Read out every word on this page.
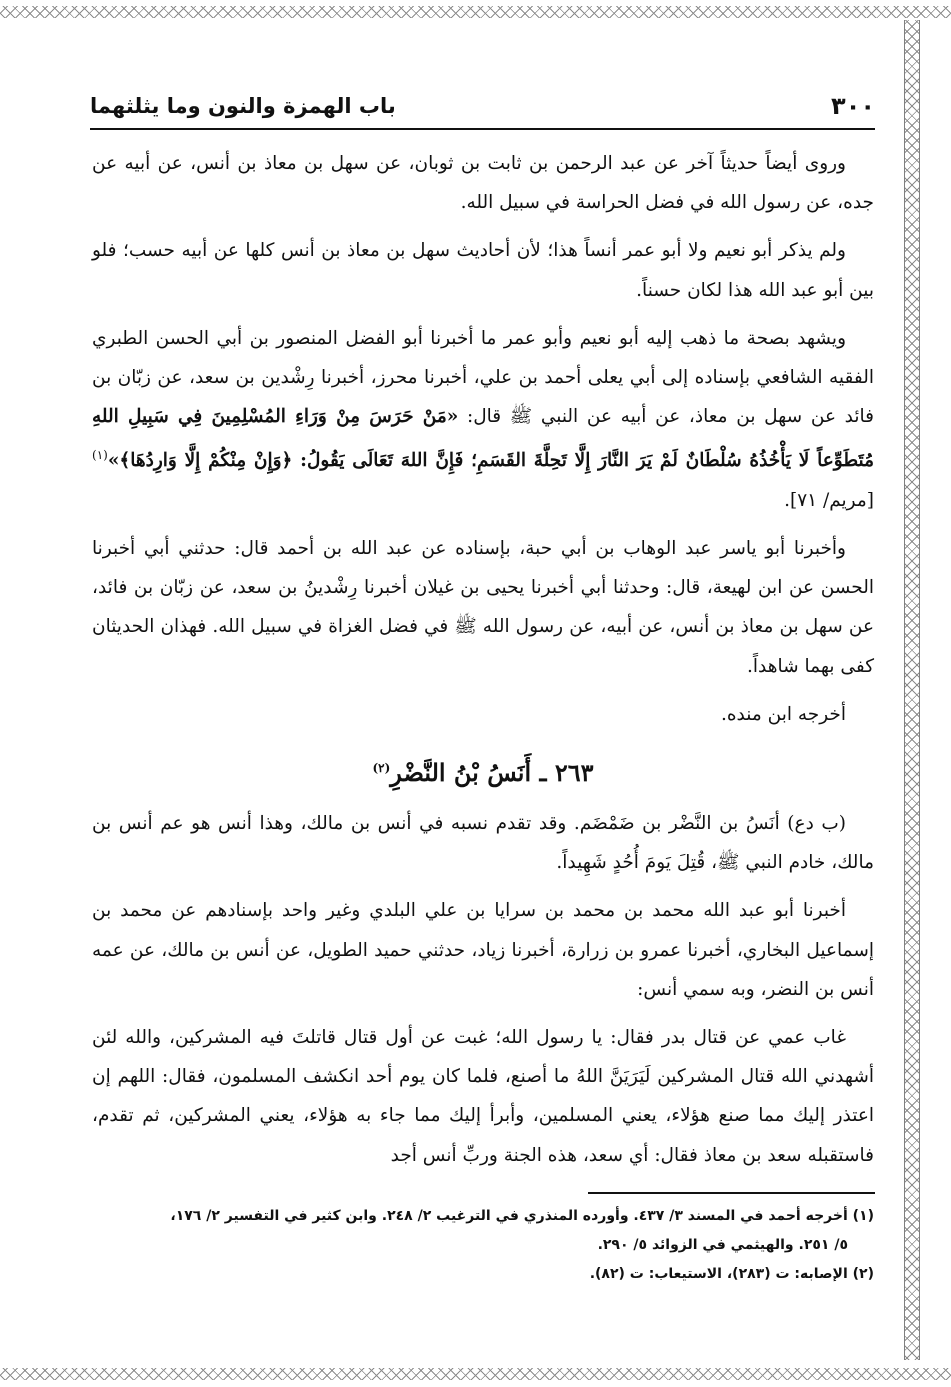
٣٠٠
باب الهمزة والنون وما يثلثهما

وروى أيضاً حديثاً آخر عن عبد الرحمن بن ثابت بن ثوبان، عن سهل بن معاذ بن أنس، عن أبيه عن جده، عن رسول الله في فضل الحراسة في سبيل الله.

ولم يذكر أبو نعيم ولا أبو عمر أنساً هذا؛ لأن أحاديث سهل بن معاذ بن أنس كلها عن أبيه حسب؛ فلو بين أبو عبد الله هذا لكان حسناً.

ويشهد بصحة ما ذهب إليه أبو نعيم وأبو عمر ما أخبرنا أبو الفضل المنصور بن أبي الحسن الطبري الفقيه الشافعي بإسناده إلى أبي يعلى أحمد بن علي، أخبرنا محرز، أخبرنا رِشْدين بن سعد، عن زبّان بن فائد عن سهل بن معاذ، عن أبيه عن النبي ﷺ قال: «مَنْ حَرَسَ مِنْ وَرَاءِ المُسْلِمِينَ فِي سَبِيلِ اللهِ مُتَطَوِّعاً لَا يَأْخُذُهُ سُلْطَانٌ لَمْ يَرَ النَّارَ إِلَّا تَحِلَّةَ القَسَمِ؛ فَإِنَّ اللهَ تَعَالَى يَقُولُ: ﴿وَإِنْ مِنْكُمْ إِلَّا وَارِدُهَا﴾»$^{(١)}$ [مريم/ ٧١].

وأخبرنا أبو ياسر عبد الوهاب بن أبي حبة، بإسناده عن عبد الله بن أحمد قال: حدثني أبي أخبرنا الحسن عن ابن لهيعة، قال: وحدثنا أبي أخبرنا يحيى بن غيلان أخبرنا رِشْدينُ بن سعد، عن زبّان بن فائد، عن سهل بن معاذ بن أنس، عن أبيه، عن رسول الله ﷺ في فضل الغزاة في سبيل الله. فهذان الحديثان كفى بهما شاهداً.

أخرجه ابن منده.

٢٦٣ ـ أَنَسُ بْنُ النَّضْرِ$^{(٢)}$

(ب دع) أنَسُ بن النَّضْر بن ضَمْضَم. وقد تقدم نسبه في أنس بن مالك، وهذا أنس هو عم أنس بن مالك، خادم النبي ﷺ، قُتِلَ يَومَ أُحُدٍ شَهِيداً.

أخبرنا أبو عبد الله محمد بن محمد بن سرايا بن علي البلدي وغير واحد بإسنادهم عن محمد بن إسماعيل البخاري، أخبرنا عمرو بن زرارة، أخبرنا زياد، حدثني حميد الطويل، عن أنس بن مالك، عن عمه أنس بن النضر، وبه سمي أنس:

غاب عمي عن قتال بدر فقال: يا رسول الله؛ غبت عن أول قتال قاتلتَ فيه المشركين، والله لئن أشهدني الله قتال المشركين لَيَرَيَنَّ اللهُ ما أصنع، فلما كان يوم أحد انكشف المسلمون، فقال: اللهم إن اعتذر إليك مما صنع هؤلاء، يعني المسلمين، وأبرأ إليك مما جاء به هؤلاء، يعني المشركين، ثم تقدم، فاستقبله سعد بن معاذ فقال: أي سعد، هذه الجنة وربِّ أنس أجد

(١) أخرجه أحمد في المسند ٣/ ٤٣٧. وأورده المنذري في الترغيب ٢/ ٢٤٨. وابن كثير في التفسير ٢/ ١٧٦،

٥/ ٢٥١. والهيثمي في الزوائد ٥/ ٢٩٠.

(٢) الإصابه: ت (٢٨٣)، الاستيعاب: ت (٨٢).
